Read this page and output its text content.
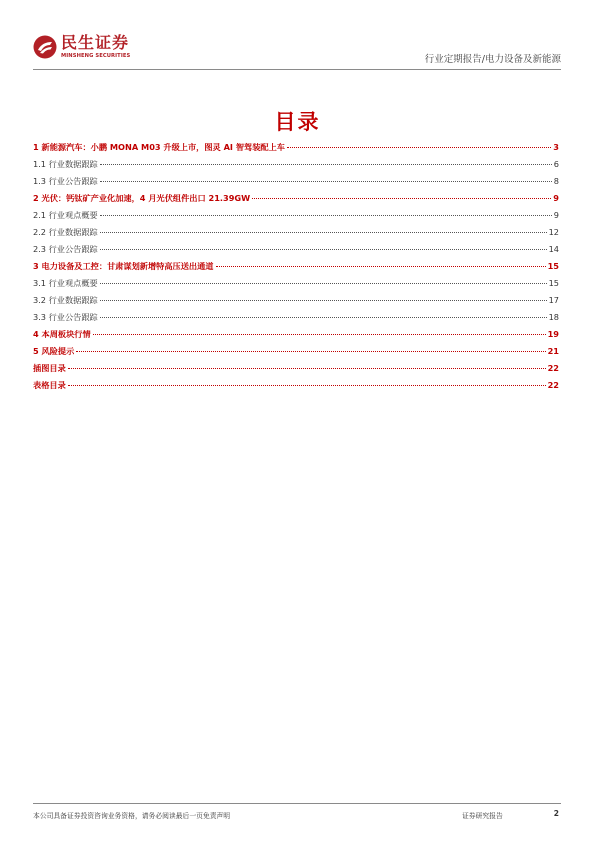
民生证券
MINSHENG SECURITIES	行业定期报告/电力设备及新能源
目录
1 新能源汽车：小鹏 MONA M03 升级上市，图灵 AI 智驾装配上车	3
1.1 行业数据跟踪	6
1.3 行业公告跟踪	8
2 光伏：钙钛矿产业化加速，4 月光伏组件出口 21.39GW	9
2.1 行业观点概要	9
2.2 行业数据跟踪	12
2.3 行业公告跟踪	14
3 电力设备及工控：甘肃谋划新增特高压送出通道	15
3.1 行业观点概要	15
3.2 行业数据跟踪	17
3.3 行业公告跟踪	18
4 本周板块行情	19
5 风险提示	21
插图目录	22
表格目录	22
本公司具备证券投资咨询业务资格，请务必阅读最后一页免责声明	证券研究报告	2
